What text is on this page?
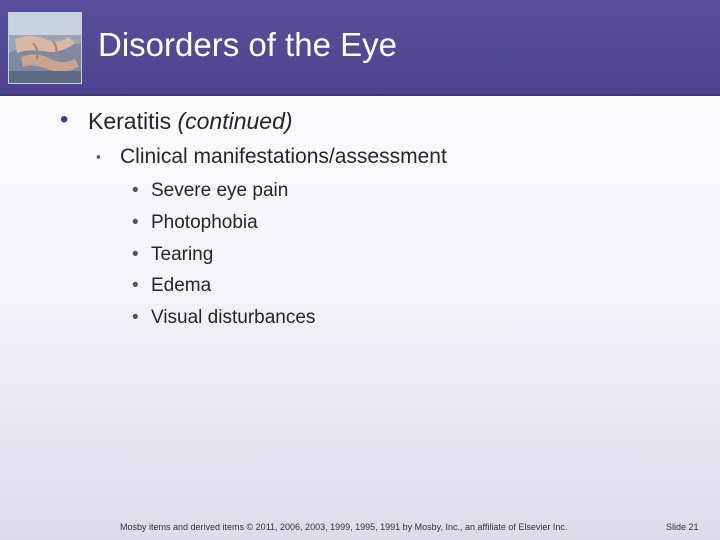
Disorders of the Eye
• Keratitis (continued)
▪ Clinical manifestations/assessment
• Severe eye pain
• Photophobia
• Tearing
• Edema
• Visual disturbances
Mosby items and derived items © 2011, 2006, 2003, 1999, 1995, 1991 by Mosby, Inc., an affiliate of Elsevier Inc.	Slide 21
